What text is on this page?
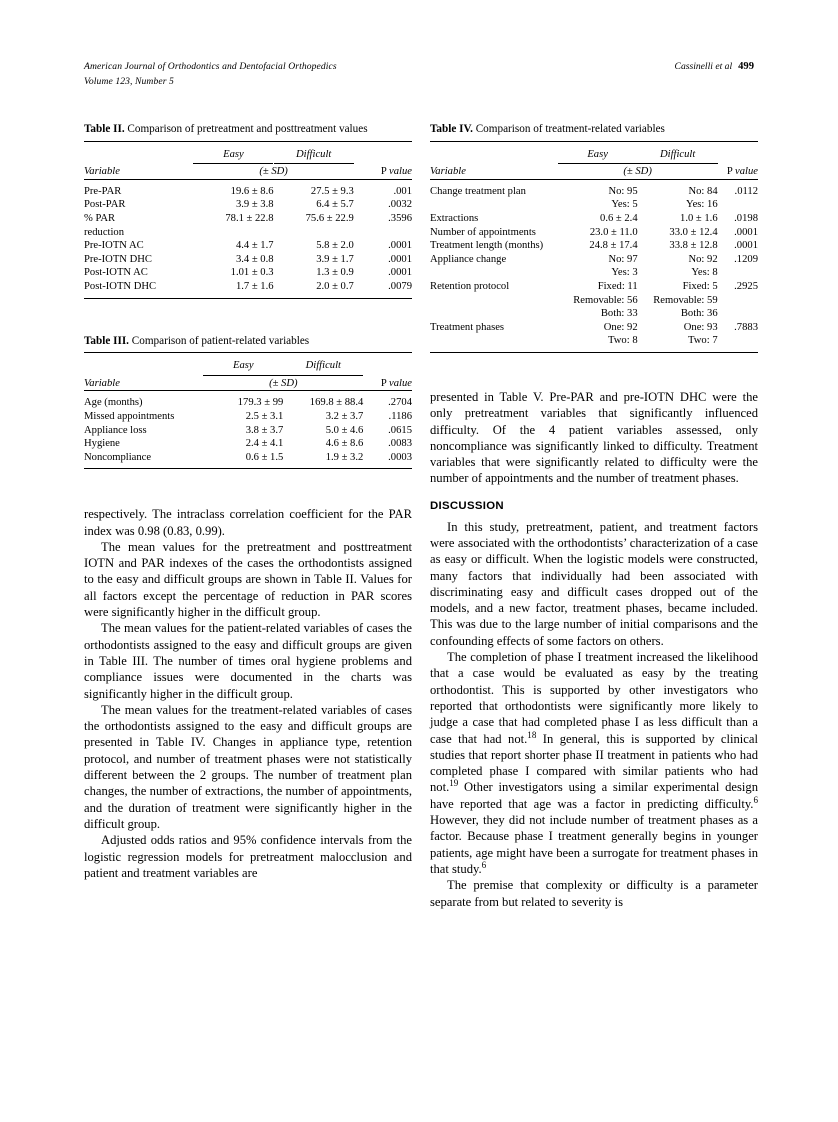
American Journal of Orthodontics and Dentofacial Orthopedics
Volume 123, Number 5
Cassinelli et al 499
Table II. Comparison of pretreatment and posttreatment values

	Easy	Difficult	
Variable	(± SD)		P value

Pre-PAR	19.6 ± 8.6	27.5 ± 9.3	.001
Post-PAR	3.9 ± 3.8	6.4 ± 5.7	.0032
% PAR	78.1 ± 22.8	75.6 ± 22.9	.3596
reduction			
Pre-IOTN AC	4.4 ± 1.7	5.8 ± 2.0	.0001
Pre-IOTN DHC	3.4 ± 0.8	3.9 ± 1.7	.0001
Post-IOTN AC	1.01 ± 0.3	1.3 ± 0.9	.0001
Post-IOTN DHC	1.7 ± 1.6	2.0 ± 0.7	.0079

Table III. Comparison of patient-related variables

	Easy	Difficult	
Variable	(± SD)		P value

Age (months)	179.3 ± 99	169.8 ± 88.4	.2704
Missed appointments	2.5 ± 3.1	3.2 ± 3.7	.1186
Appliance loss	3.8 ± 3.7	5.0 ± 4.6	.0615
Hygiene	2.4 ± 4.1	4.6 ± 8.6	.0083
Noncompliance	0.6 ± 1.5	1.9 ± 3.2	.0003

respectively. The intraclass correlation coefficient for the PAR index was 0.98 (0.83, 0.99).

The mean values for the pretreatment and posttreatment IOTN and PAR indexes of the cases the orthodontists assigned to the easy and difficult groups are shown in Table II. Values for all factors except the percentage of reduction in PAR scores were significantly higher in the difficult group.

The mean values for the patient-related variables of cases the orthodontists assigned to the easy and difficult groups are given in Table III. The number of times oral hygiene problems and compliance issues were documented in the charts was significantly higher in the difficult group.

The mean values for the treatment-related variables of cases the orthodontists assigned to the easy and difficult groups are presented in Table IV. Changes in appliance type, retention protocol, and number of treatment phases were not statistically different between the 2 groups. The number of treatment plan changes, the number of extractions, the number of appointments, and the duration of treatment were significantly higher in the difficult group.

Adjusted odds ratios and 95% confidence intervals from the logistic regression models for pretreatment malocclusion and patient and treatment variables are

Table IV. Comparison of treatment-related variables

	Easy	Difficult	
Variable	(± SD)		P value

Change treatment plan	No: 95	No: 84	.0112
	Yes: 5	Yes: 16	
Extractions	0.6 ± 2.4	1.0 ± 1.6	.0198
Number of appointments	23.0 ± 11.0	33.0 ± 12.4	.0001
Treatment length (months)	24.8 ± 17.4	33.8 ± 12.8	.0001
Appliance change	No: 97	No: 92	.1209
	Yes: 3	Yes: 8	
Retention protocol	Fixed: 11	Fixed: 5	.2925
	Removable: 56	Removable: 59	
	Both: 33	Both: 36	
Treatment phases	One: 92	One: 93	.7883
	Two: 8	Two: 7	

presented in Table V. Pre-PAR and pre-IOTN DHC were the only pretreatment variables that significantly influenced difficulty. Of the 4 patient variables assessed, only noncompliance was significantly linked to difficulty. Treatment variables that were significantly related to difficulty were the number of appointments and the number of treatment phases.

DISCUSSION

In this study, pretreatment, patient, and treatment factors were associated with the orthodontists’ characterization of a case as easy or difficult. When the logistic models were constructed, many factors that individually had been associated with discriminating easy and difficult cases dropped out of the models, and a new factor, treatment phases, became included. This was due to the large number of initial comparisons and the confounding effects of some factors on others.

The completion of phase I treatment increased the likelihood that a case would be evaluated as easy by the treating orthodontist. This is supported by other investigators who reported that orthodontists were significantly more likely to judge a case that had completed phase I as less difficult than a case that had not.$^{18}$ In general, this is supported by clinical studies that report shorter phase II treatment in patients who had completed phase I compared with similar patients who had not.$^{19}$ Other investigators using a similar experimental design have reported that age was a factor in predicting difficulty.$^6$ However, they did not include number of treatment phases as a factor. Because phase I treatment generally begins in younger patients, age might have been a surrogate for treatment phases in that study.$^6$

The premise that complexity or difficulty is a parameter separate from but related to severity is
